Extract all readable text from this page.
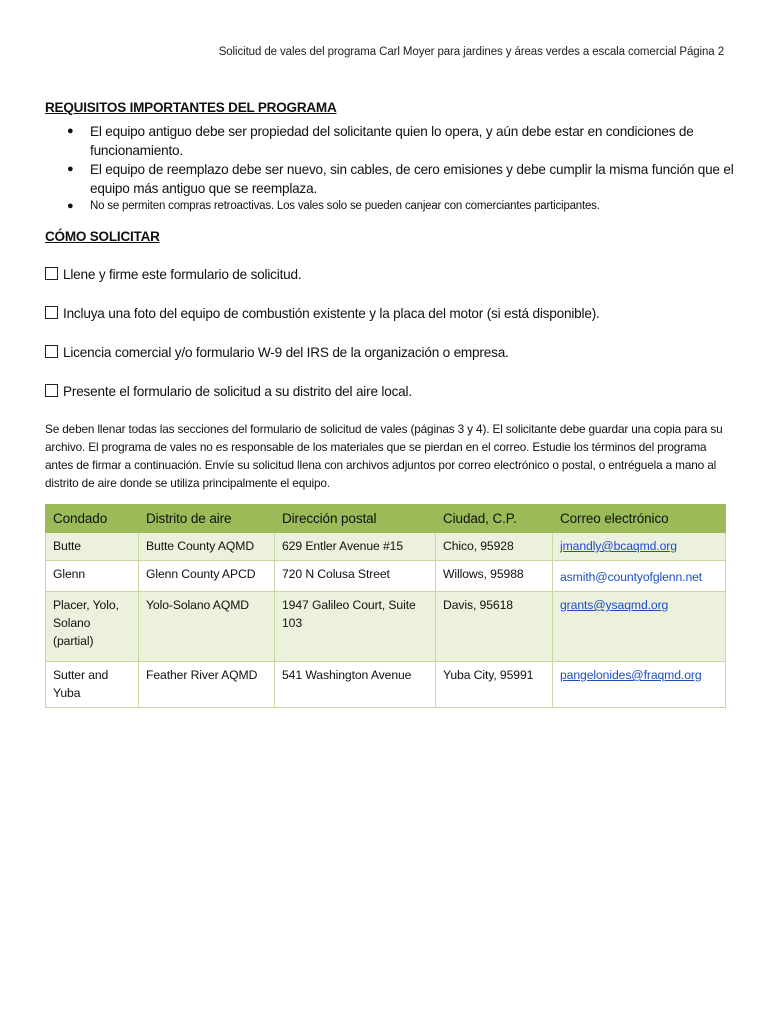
Solicitud de vales del programa Carl Moyer para jardines y áreas verdes a escala comercial Página 2
REQUISITOS IMPORTANTES DEL PROGRAMA
● El equipo antiguo debe ser propiedad del solicitante quien lo opera, y aún debe estar en condiciones de funcionamiento.
● El equipo de reemplazo debe ser nuevo, sin cables, de cero emisiones y debe cumplir la misma función que el equipo más antiguo que se reemplaza.
● No se permiten compras retroactivas. Los vales solo se pueden canjear con comerciantes participantes.
CÓMO SOLICITAR
Llene y firme este formulario de solicitud.
Incluya una foto del equipo de combustión existente y la placa del motor (si está disponible).
Licencia comercial y/o formulario W-9 del IRS de la organización o empresa.
Presente el formulario de solicitud a su distrito del aire local.
Se deben llenar todas las secciones del formulario de solicitud de vales (páginas 3 y 4). El solicitante debe guardar una copia para su archivo. El programa de vales no es responsable de los materiales que se pierdan en el correo. Estudie los términos del programa antes de firmar a continuación. Envíe su solicitud llena con archivos adjuntos por correo electrónico o postal, o entréguela a mano al distrito de aire donde se utiliza principalmente el equipo.
Condado	Distrito de aire	Dirección postal	Ciudad, C.P.	Correo electrónico
Butte	Butte County AQMD	629 Entler Avenue #15	Chico, 95928	jmandly@bcaqmd.org
Glenn	Glenn County APCD	720 N Colusa Street	Willows, 95988	asmith@countyofglenn.net
Placer, Yolo, Solano (partial)	Yolo-Solano AQMD	1947 Galileo Court, Suite 103	Davis, 95618	grants@ysaqmd.org
Sutter and Yuba	Feather River AQMD	541 Washington Avenue	Yuba City, 95991	pangelonides@fraqmd.org
